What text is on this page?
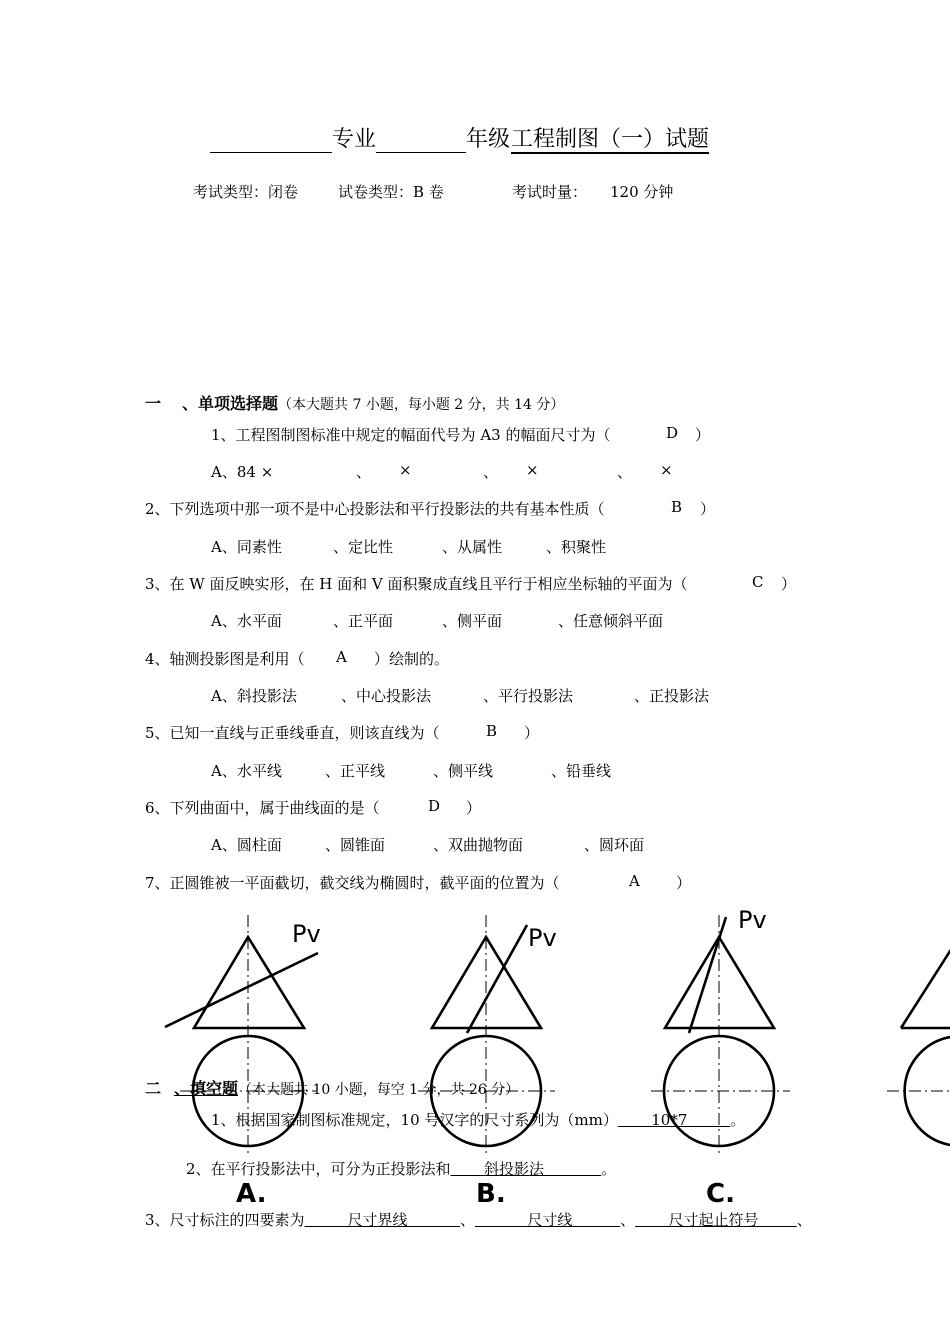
专业	年级 工程制图（一）试题
考试类型：闭卷	试卷类型：B 卷	考试时量： 120 分钟
一 、单项选择题（本大题共 7 小题，每小题 2 分，共 14 分）
1、工程图制图标准中规定的幅面代号为 A3 的幅面尺寸为（	D ）
A、84 ×	、 ×	、 ×	、 ×
2、下列选项中那一项不是中心投影法和平行投影法的共有基本性质（	B ）
A、同素性	、定比性	、从属性	、积聚性
3、在 W 面反映实形，在 H 面和 V 面积聚成直线且平行于相应坐标轴的平面为（	C ）
A、水平面	、正平面	、侧平面	、任意倾斜平面
4、轴测投影图是利用（ A ）绘制的。
A、斜投影法	、中心投影法	、平行投影法	、正投影法
5、已知一直线与正垂线垂直，则该直线为（	B ）
A、水平线	、正平线	、侧平线	、铅垂线
6、下列曲面中，属于曲线面的是（	D ）
A、圆柱面	、圆锥面	、双曲抛物面	、圆环面
7、正圆锥被一平面截切，截交线为椭圆时，截平面的位置为（	A ）
Pv
A.
Pv
B.
Pv
C.
二 、填空题（本大题共 10 小题，每空 1 分，共 26 分）
1、根据国家制图标准规定，10 号汉字的尺寸系列为（mm） 10*7	。
2、在平行投影法中，可分为正投影法和 斜投影法	。
3、尺寸标注的四要素为	尺寸界线	、	尺寸线	、 尺寸起止符号	、
